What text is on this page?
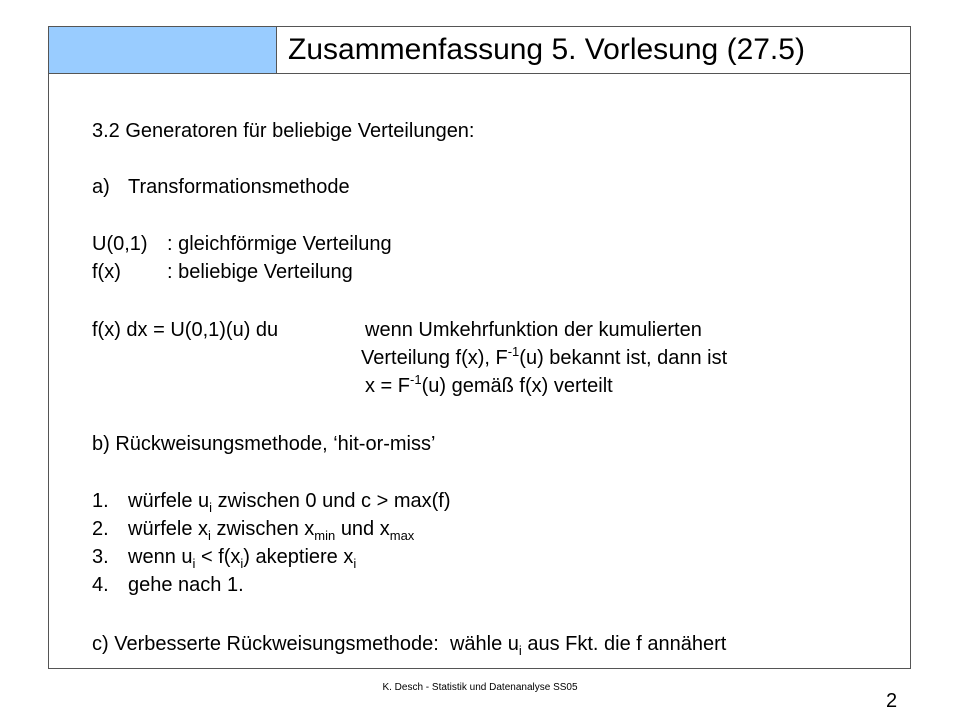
Zusammenfassung 5. Vorlesung (27.5)
3.2 Generatoren für beliebige Verteilungen:
a) Transformationsmethode
U(0,1) : gleichförmige Verteilung
f(x) : beliebige Verteilung
f(x) dx = U(0,1)(u) du	wenn Umkehrfunktion der kumulierten
Verteilung f(x), $F^{-1}(u)$ bekannt ist, dann ist
$x = F^{-1}(u)$ gemäß f(x) verteilt
b) Rückweisungsmethode, ‘hit-or-miss’
1. würfele $u_i$ zwischen 0 und c > max(f)
2. würfele $x_i$ zwischen $x_{min}$ und $x_{max}$
3. wenn $u_i < f(x_i)$ akeptiere $x_i$
4. gehe nach 1.
c) Verbesserte Rückweisungsmethode: wähle $u_i$ aus Fkt. die f annähert
K. Desch - Statistik und Datenanalyse SS05
2
